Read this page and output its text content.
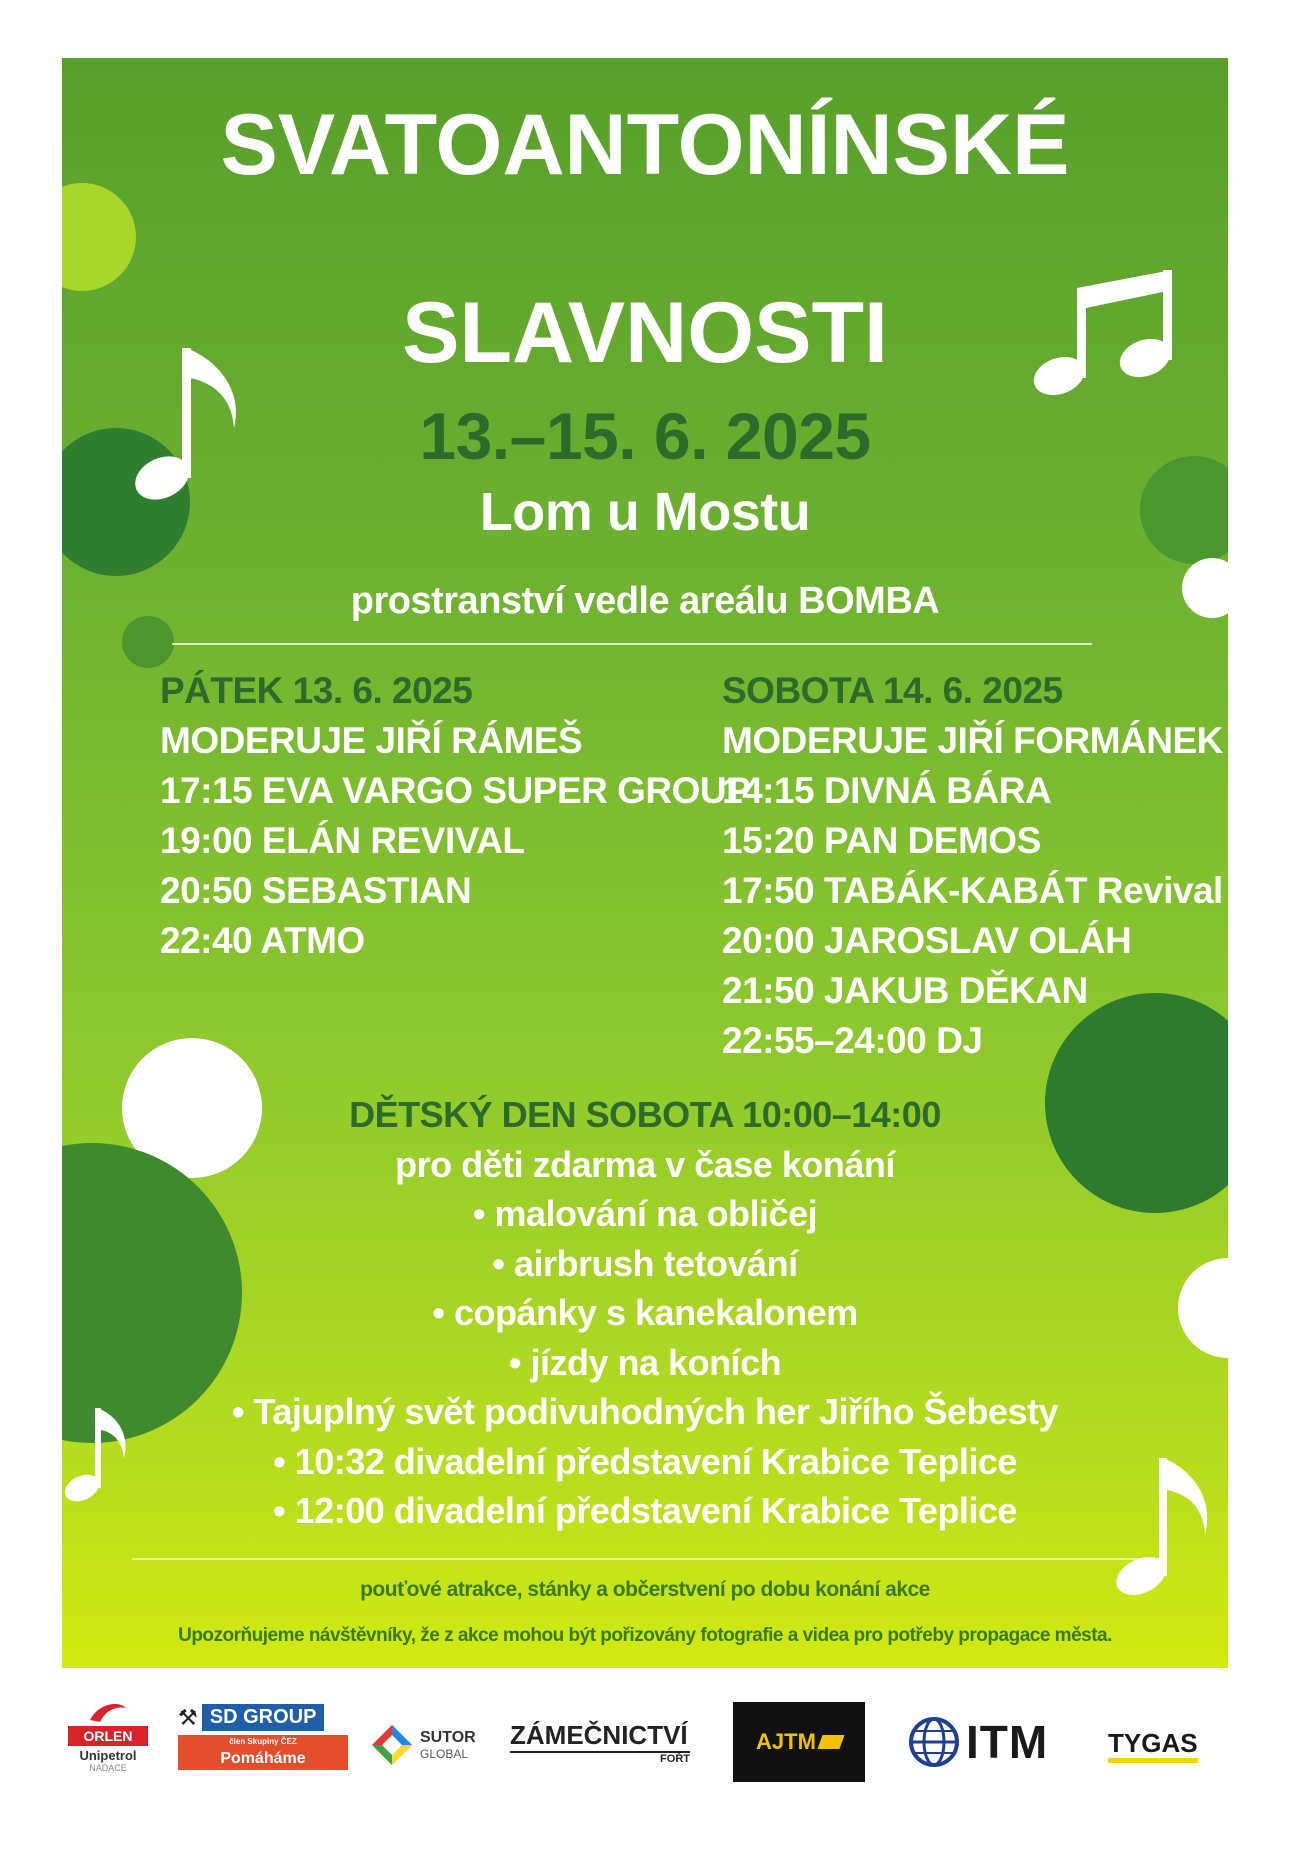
SVATOANTONÍNSKÉ
SLAVNOSTI
13.–15. 6. 2025
Lom u Mostu
prostranství vedle areálu BOMBA
PÁTEK 13. 6. 2025
MODERUJE JIŘÍ RÁMEŠ
17:15 EVA VARGO SUPER GROUP
19:00 ELÁN REVIVAL
20:50 SEBASTIAN
22:40 ATMO
SOBOTA 14. 6. 2025
MODERUJE JIŘÍ FORMÁNEK
14:15 DIVNÁ BÁRA
15:20 PAN DEMOS
17:50 TABÁK-KABÁT Revival
20:00 JAROSLAV OLÁH
21:50 JAKUB DĚKAN
22:55–24:00 DJ
DĚTSKÝ DEN SOBOTA 10:00–14:00
pro děti zdarma v čase konání
• malování na obličej
• airbrush tetování
• copánky s kanekalonem
• jízdy na koních
• Tajuplný svět podivuhodných her Jiřího Šebesty
• 10:32 divadelní představení Krabice Teplice
• 12:00 divadelní představení Krabice Teplice
pouťové atrakce, stánky a občerstvení po dobu konání akce
Upozorňujeme návštěvníky, že z akce mohou být pořizovány fotografie a videa pro potřeby propagace města.
ORLEN
Unipetrol
NADACE
⚒ SD GROUP
člen Skupiny ČEZ
Pomáháme
SUTOR
GLOBAL
ZÁMEČNICTVÍ
FOŘT
AJTM	ITM TYGAS
